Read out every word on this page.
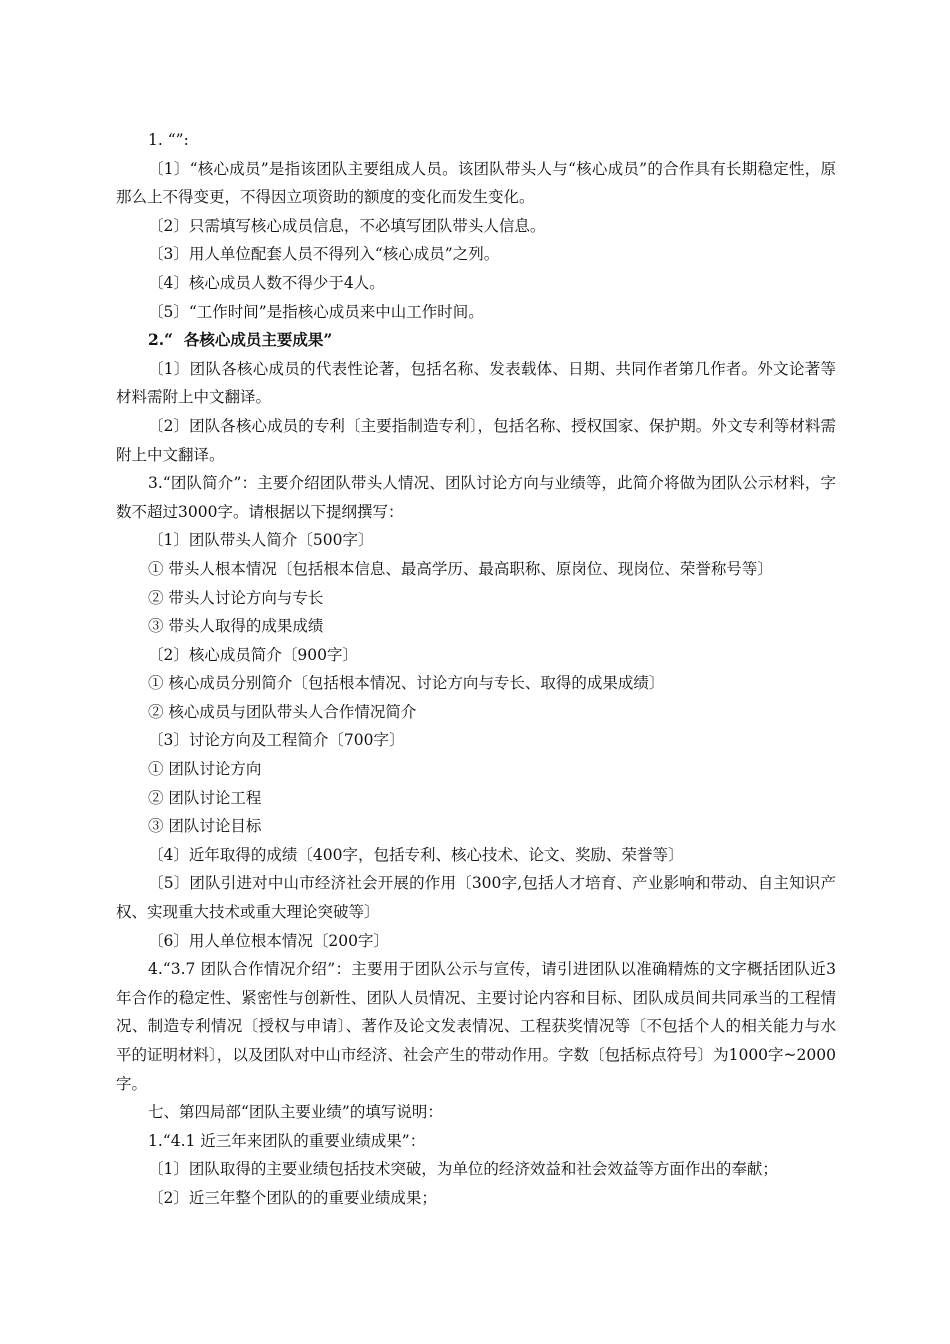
1. “”:

〔1〕“核心成员”是指该团队主要组成人员。该团队带头人与“核心成员”的合作具有长期稳定性，原那么上不得变更，不得因立项资助的额度的变化而发生变化。

〔2〕只需填写核心成员信息，不必填写团队带头人信息。

〔3〕用人单位配套人员不得列入“核心成员”之列。

〔4〕核心成员人数不得少于4人。

〔5〕“工作时间”是指核心成员来中山工作时间。

2.“  各核心成员主要成果”

〔1〕团队各核心成员的代表性论著，包括名称、发表载体、日期、共同作者第几作者。外文论著等材料需附上中文翻译。

〔2〕团队各核心成员的专利〔主要指制造专利〕，包括名称、授权国家、保护期。外文专利等材料需附上中文翻译。

3.“团队简介”：主要介绍团队带头人情况、团队讨论方向与业绩等，此简介将做为团队公示材料，字数不超过3000字。请根据以下提纲撰写：

〔1〕团队带头人简介〔500字〕

① 带头人根本情况〔包括根本信息、最高学历、最高职称、原岗位、现岗位、荣誉称号等〕

② 带头人讨论方向与专长

③ 带头人取得的成果成绩

〔2〕核心成员简介〔900字〕

① 核心成员分别简介〔包括根本情况、讨论方向与专长、取得的成果成绩〕

② 核心成员与团队带头人合作情况简介

〔3〕讨论方向及工程简介〔700字〕

① 团队讨论方向

② 团队讨论工程

③ 团队讨论目标

〔4〕近年取得的成绩〔400字，包括专利、核心技术、论文、奖励、荣誉等〕

〔5〕团队引进对中山市经济社会开展的作用〔300字,包括人才培育、产业影响和带动、自主知识产权、实现重大技术或重大理论突破等〕

〔6〕用人单位根本情况〔200字〕

4.“3.7 团队合作情况介绍”：主要用于团队公示与宣传，请引进团队以准确精炼的文字概括团队近3年合作的稳定性、紧密性与创新性、团队人员情况、主要讨论内容和目标、团队成员间共同承当的工程情况、制造专利情况〔授权与申请〕、著作及论文发表情况、工程获奖情况等〔不包括个人的相关能力与水平的证明材料〕，以及团队对中山市经济、社会产生的带动作用。字数〔包括标点符号〕为1000字~2000字。

七、第四局部“团队主要业绩”的填写说明：

1.“4.1 近三年来团队的重要业绩成果”：

〔1〕团队取得的主要业绩包括技术突破，为单位的经济效益和社会效益等方面作出的奉献；

〔2〕近三年整个团队的的重要业绩成果；
